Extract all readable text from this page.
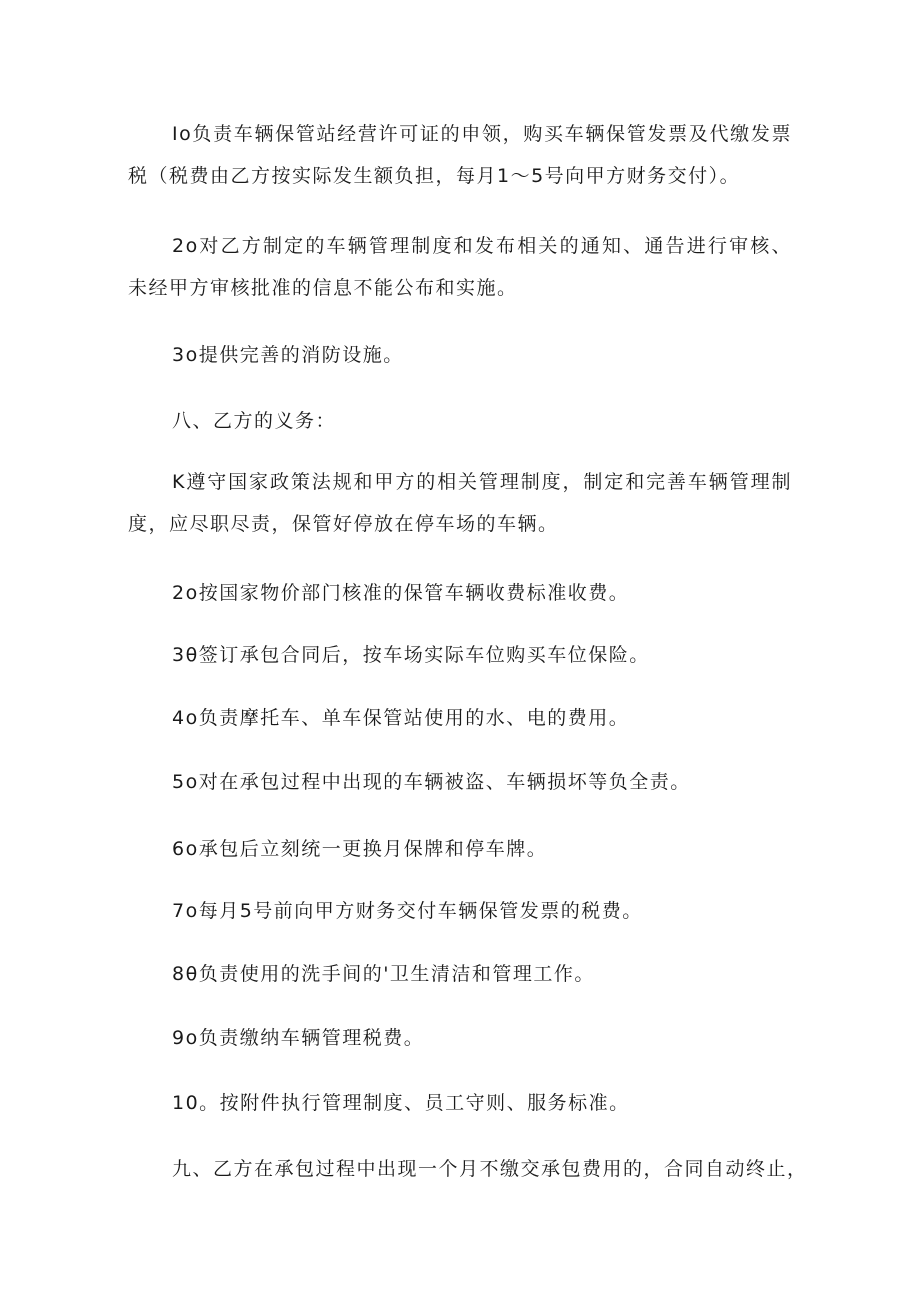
Io负责车辆保管站经营许可证的申领，购买车辆保管发票及代缴发票税（税费由乙方按实际发生额负担，每月1〜5号向甲方财务交付）。

2o对乙方制定的车辆管理制度和发布相关的通知、通告进行审核、未经甲方审核批准的信息不能公布和实施。

3o提供完善的消防设施。

八、乙方的义务：

K遵守国家政策法规和甲方的相关管理制度，制定和完善车辆管理制度，应尽职尽责，保管好停放在停车场的车辆。

2o按国家物价部门核准的保管车辆收费标准收费。

3θ签订承包合同后，按车场实际车位购买车位保险。

4o负责摩托车、单车保管站使用的水、电的费用。

5o对在承包过程中出现的车辆被盗、车辆损坏等负全责。

6o承包后立刻统一更换月保牌和停车牌。

7o每月5号前向甲方财务交付车辆保管发票的税费。

8θ负责使用的洗手间的'卫生清洁和管理工作。

9o负责缴纳车辆管理税费。

10。按附件执行管理制度、员工守则、服务标准。

九、乙方在承包过程中出现一个月不缴交承包费用的，合同自动终止，
